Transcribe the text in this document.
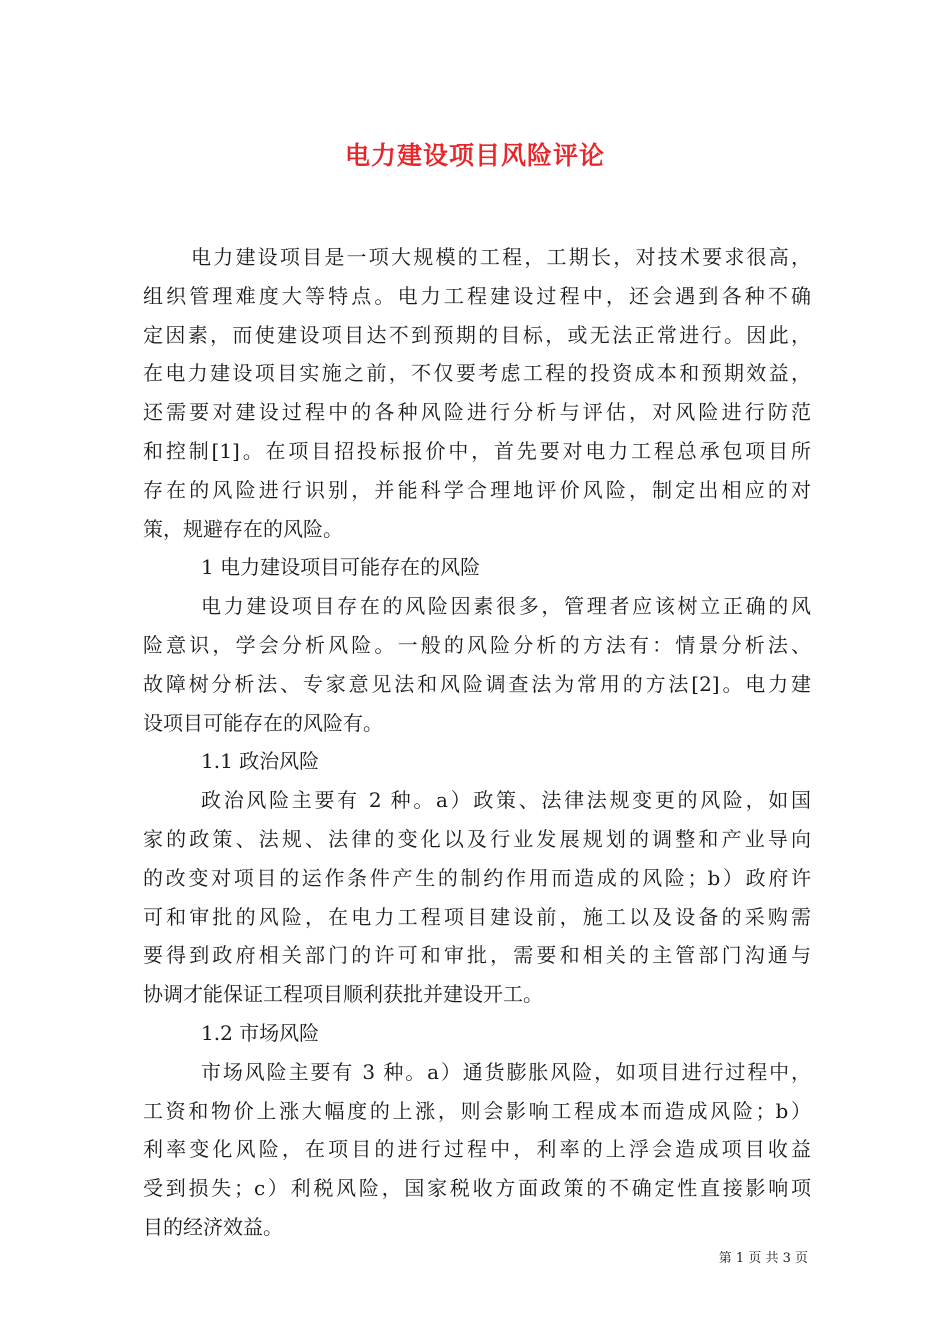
电力建设项目风险评论
电力建设项目是一项大规模的工程，工期长，对技术要求很高，
组织管理难度大等特点。电力工程建设过程中，还会遇到各种不确
定因素，而使建设项目达不到预期的目标，或无法正常进行。因此，
在电力建设项目实施之前，不仅要考虑工程的投资成本和预期效益，
还需要对建设过程中的各种风险进行分析与评估，对风险进行防范
和控制[1]。在项目招投标报价中，首先要对电力工程总承包项目所
存在的风险进行识别，并能科学合理地评价风险，制定出相应的对
策，规避存在的风险。
1 电力建设项目可能存在的风险
电力建设项目存在的风险因素很多，管理者应该树立正确的风
险意识，学会分析风险。一般的风险分析的方法有：情景分析法、
故障树分析法、专家意见法和风险调查法为常用的方法[2]。电力建
设项目可能存在的风险有。
1.1 政治风险
政治风险主要有 2 种。a）政策、法律法规变更的风险，如国
家的政策、法规、法律的变化以及行业发展规划的调整和产业导向
的改变对项目的运作条件产生的制约作用而造成的风险；b）政府许
可和审批的风险，在电力工程项目建设前，施工以及设备的采购需
要得到政府相关部门的许可和审批，需要和相关的主管部门沟通与
协调才能保证工程项目顺利获批并建设开工。
1.2 市场风险
市场风险主要有 3 种。a）通货膨胀风险，如项目进行过程中，
工资和物价上涨大幅度的上涨，则会影响工程成本而造成风险；b）
利率变化风险，在项目的进行过程中，利率的上浮会造成项目收益
受到损失；c）利税风险，国家税收方面政策的不确定性直接影响项
目的经济效益。
第 1 页 共 3 页
